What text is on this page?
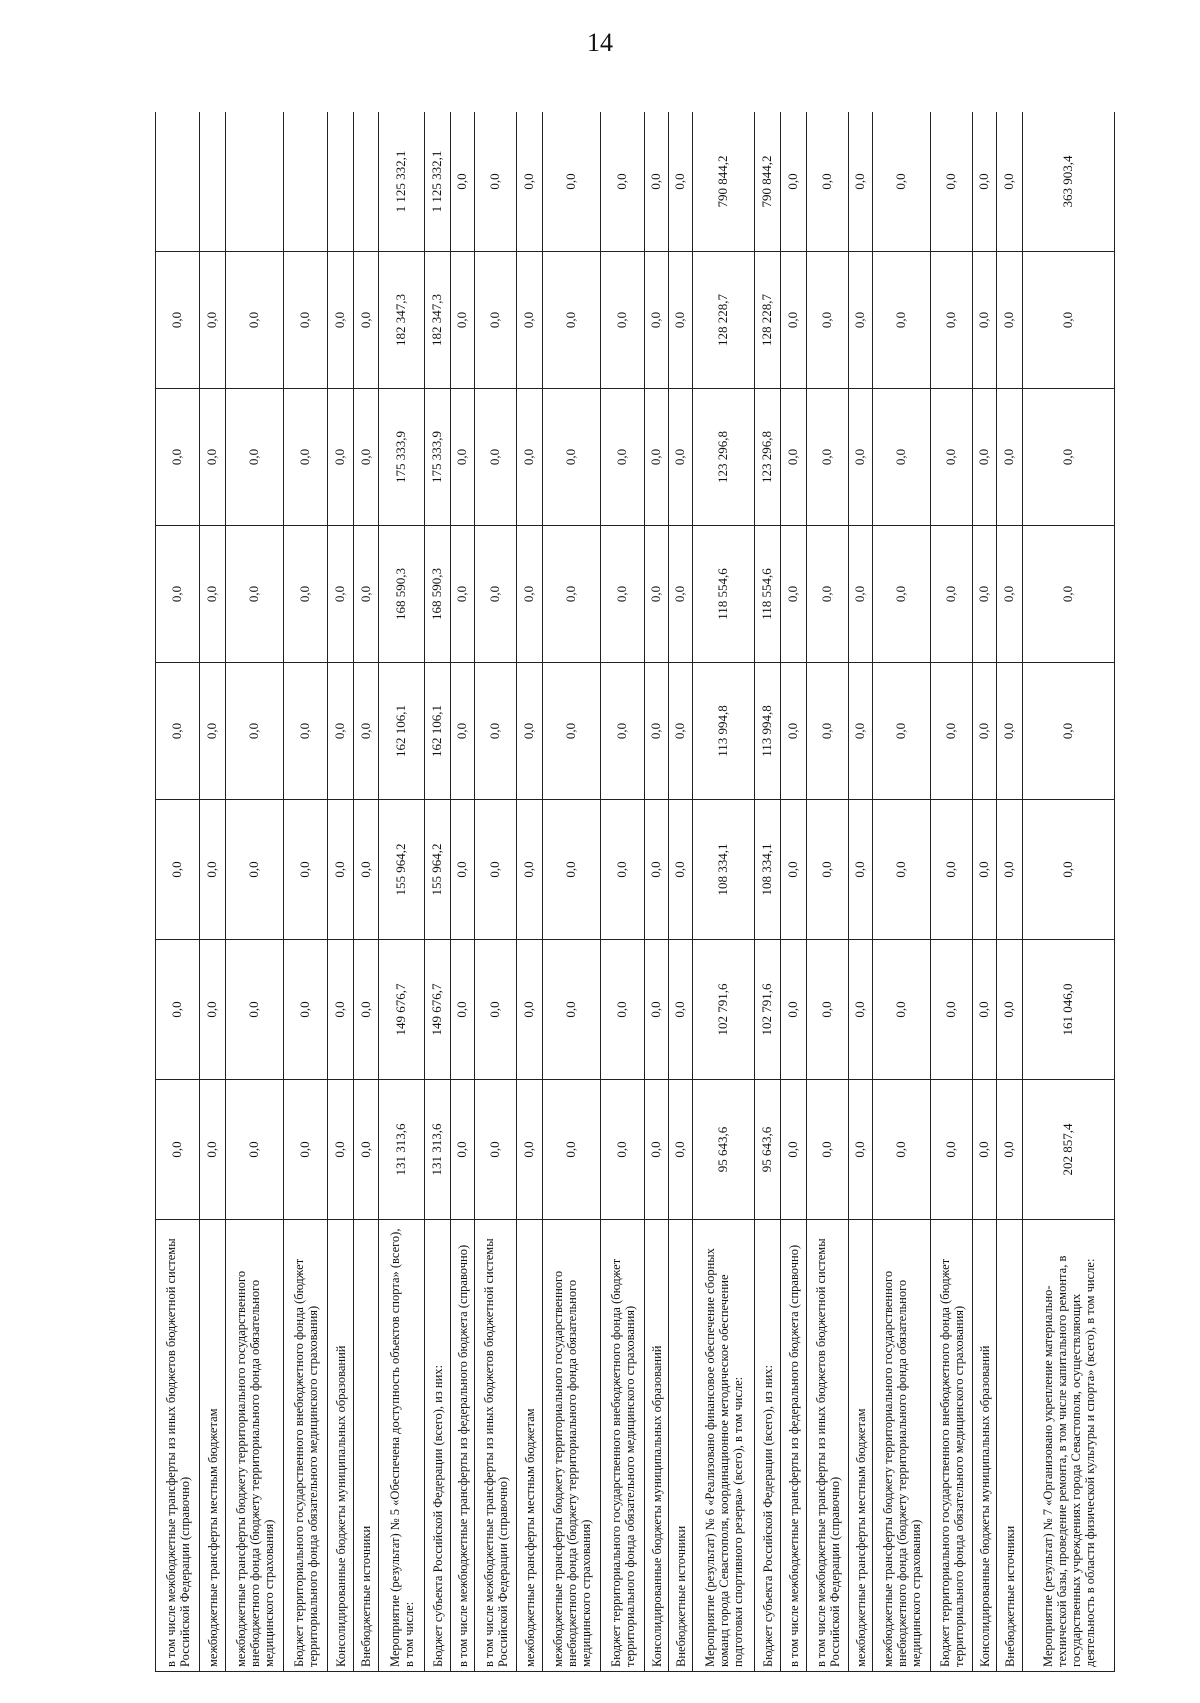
14
в том числе межбюджетные трансферты из иных бюджетов бюджетной системы Российской Федерации (справочно)	0,0	0,0	0,0	0,0	0,0	0,0	0,0	
межбюджетные трансферты местным бюджетам	0,0	0,0	0,0	0,0	0,0	0,0	0,0	
межбюджетные трансферты бюджету территориального государственного внебюджетного фонда (бюджету территориального фонда обязательного медицинского страхования)	0,0	0,0	0,0	0,0	0,0	0,0	0,0	
Бюджет территориального государственного внебюджетного фонда (бюджет территориального фонда обязательного медицинского страхования)	0,0	0,0	0,0	0,0	0,0	0,0	0,0	
Консолидированные бюджеты муниципальных образований	0,0	0,0	0,0	0,0	0,0	0,0	0,0	
Внебюджетные источники	0,0	0,0	0,0	0,0	0,0	0,0	0,0	
Мероприятие (результат) № 5 «Обеспечена доступность объектов спорта» (всего), в том числе:	131 313,6	149 676,7	155 964,2	162 106,1	168 590,3	175 333,9	182 347,3	1 125 332,1
Бюджет субъекта Российской Федерации (всего), из них:	131 313,6	149 676,7	155 964,2	162 106,1	168 590,3	175 333,9	182 347,3	1 125 332,1
в том числе межбюджетные трансферты из федерального бюджета (справочно)	0,0	0,0	0,0	0,0	0,0	0,0	0,0	0,0
в том числе межбюджетные трансферты из иных бюджетов бюджетной системы Российской Федерации (справочно)	0,0	0,0	0,0	0,0	0,0	0,0	0,0	0,0
межбюджетные трансферты местным бюджетам	0,0	0,0	0,0	0,0	0,0	0,0	0,0	0,0
межбюджетные трансферты бюджету территориального государственного внебюджетного фонда (бюджету территориального фонда обязательного медицинского страхования)	0,0	0,0	0,0	0,0	0,0	0,0	0,0	0,0
Бюджет территориального государственного внебюджетного фонда (бюджет территориального фонда обязательного медицинского страхования)	0,0	0,0	0,0	0,0	0,0	0,0	0,0	0,0
Консолидированные бюджеты муниципальных образований	0,0	0,0	0,0	0,0	0,0	0,0	0,0	0,0
Внебюджетные источники	0,0	0,0	0,0	0,0	0,0	0,0	0,0	0,0
Мероприятие (результат) № 6 «Реализовано финансовое обеспечение сборных команд города Севастополя, координационное методическое обеспечение подготовки спортивного резерва» (всего), в том числе:	95 643,6	102 791,6	108 334,1	113 994,8	118 554,6	123 296,8	128 228,7	790 844,2
Бюджет субъекта Российской Федерации (всего), из них:	95 643,6	102 791,6	108 334,1	113 994,8	118 554,6	123 296,8	128 228,7	790 844,2
в том числе межбюджетные трансферты из федерального бюджета (справочно)	0,0	0,0	0,0	0,0	0,0	0,0	0,0	0,0
в том числе межбюджетные трансферты из иных бюджетов бюджетной системы Российской Федерации (справочно)	0,0	0,0	0,0	0,0	0,0	0,0	0,0	0,0
межбюджетные трансферты местным бюджетам	0,0	0,0	0,0	0,0	0,0	0,0	0,0	0,0
межбюджетные трансферты бюджету территориального государственного внебюджетного фонда (бюджету территориального фонда обязательного медицинского страхования)	0,0	0,0	0,0	0,0	0,0	0,0	0,0	0,0
Бюджет территориального государственного внебюджетного фонда (бюджет территориального фонда обязательного медицинского страхования)	0,0	0,0	0,0	0,0	0,0	0,0	0,0	0,0
Консолидированные бюджеты муниципальных образований	0,0	0,0	0,0	0,0	0,0	0,0	0,0	0,0
Внебюджетные источники	0,0	0,0	0,0	0,0	0,0	0,0	0,0	0,0
Мероприятие (результат) № 7 «Организовано укрепление материально-технической базы, проведение ремонта, в том числе капитального ремонта, в государственных учреждениях города Севастополя, осуществляющих деятельность в области физической культуры и спорта» (всего), в том числе:	202 857,4	161 046,0	0,0	0,0	0,0	0,0	0,0	363 903,4
